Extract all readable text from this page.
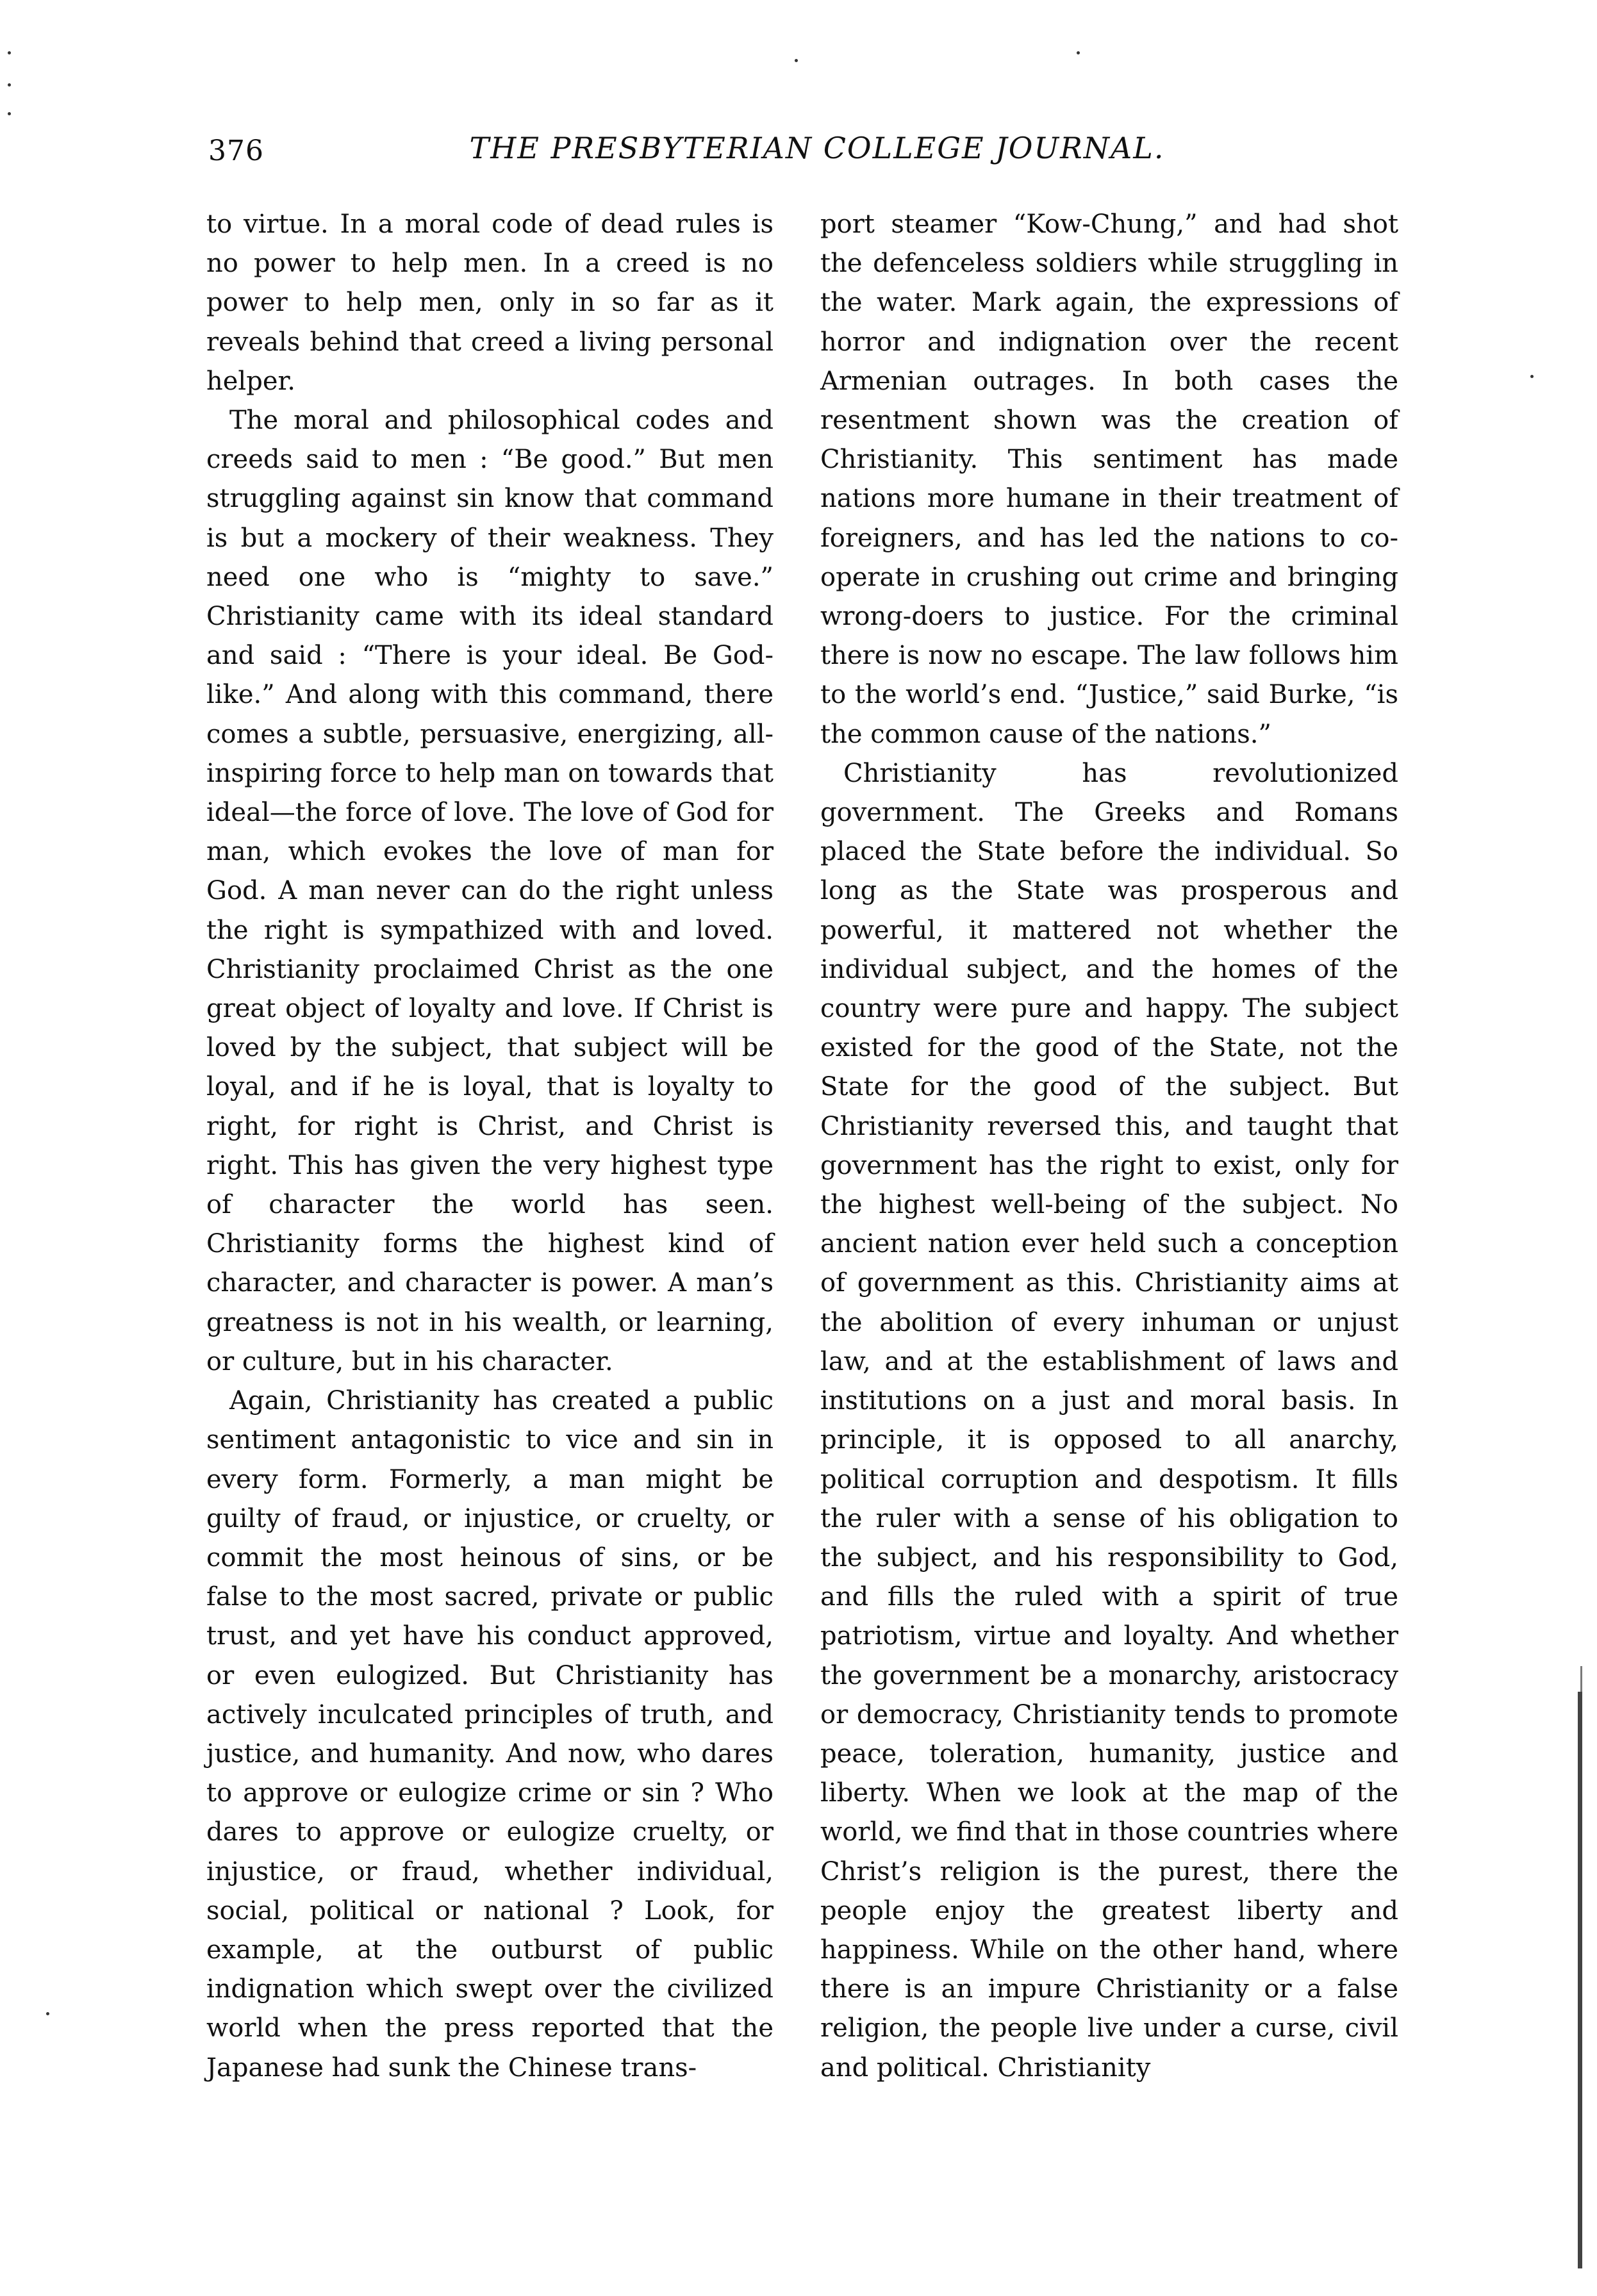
376	THE PRESBYTERIAN COLLEGE JOURNAL.

to virtue. In a moral code of dead rules is no power to help men. In a creed is no power to help men, only in so far as it reveals behind that creed a living personal helper.

The moral and philosophical codes and creeds said to men : “Be good.” But men struggling against sin know that command is but a mockery of their weakness. They need one who is “mighty to save.” Christianity came with its ideal standard and said : “There is your ideal. Be God-like.” And along with this command, there comes a subtle, persuasive, energizing, all-inspiring force to help man on towards that ideal—the force of love. The love of God for man, which evokes the love of man for God. A man never can do the right unless the right is sympathized with and loved. Christianity proclaimed Christ as the one great object of loyalty and love. If Christ is loved by the subject, that subject will be loyal, and if he is loyal, that is loyalty to right, for right is Christ, and Christ is right. This has given the very highest type of character the world has seen. Christianity forms the highest kind of character, and character is power. A man’s greatness is not in his wealth, or learning, or culture, but in his character.

Again, Christianity has created a public sentiment antagonistic to vice and sin in every form. Formerly, a man might be guilty of fraud, or injustice, or cruelty, or commit the most heinous of sins, or be false to the most sacred, private or public trust, and yet have his conduct approved, or even eulogized. But Christianity has actively inculcated principles of truth, and justice, and humanity. And now, who dares to approve or eulogize crime or sin ? Who dares to approve or eulogize cruelty, or injustice, or fraud, whether individual, social, political or national ? Look, for example, at the outburst of public indignation which swept over the civilized world when the press reported that the Japanese had sunk the Chinese trans-

port steamer “Kow-Chung,” and had shot the defenceless soldiers while struggling in the water. Mark again, the expressions of horror and indignation over the recent Armenian outrages. In both cases the resentment shown was the creation of Christianity. This sentiment has made nations more humane in their treatment of foreigners, and has led the nations to co-operate in crushing out crime and bringing wrong-doers to justice. For the criminal there is now no escape. The law follows him to the world’s end. “Justice,” said Burke, “is the common cause of the nations.”

Christianity has revolutionized government. The Greeks and Romans placed the State before the individual. So long as the State was prosperous and powerful, it mattered not whether the individual subject, and the homes of the country were pure and happy. The subject existed for the good of the State, not the State for the good of the subject. But Christianity reversed this, and taught that government has the right to exist, only for the highest well-being of the subject. No ancient nation ever held such a conception of government as this. Christianity aims at the abolition of every inhuman or unjust law, and at the establishment of laws and institutions on a just and moral basis. In principle, it is opposed to all anarchy, political corruption and despotism. It fills the ruler with a sense of his obligation to the subject, and his responsibility to God, and fills the ruled with a spirit of true patriotism, virtue and loyalty. And whether the government be a monarchy, aristocracy or democracy, Christianity tends to promote peace, toleration, humanity, justice and liberty. When we look at the map of the world, we find that in those countries where Christ’s religion is the purest, there the people enjoy the greatest liberty and happiness. While on the other hand, where there is an impure Christianity or a false religion, the people live under a curse, civil and political. Christianity
